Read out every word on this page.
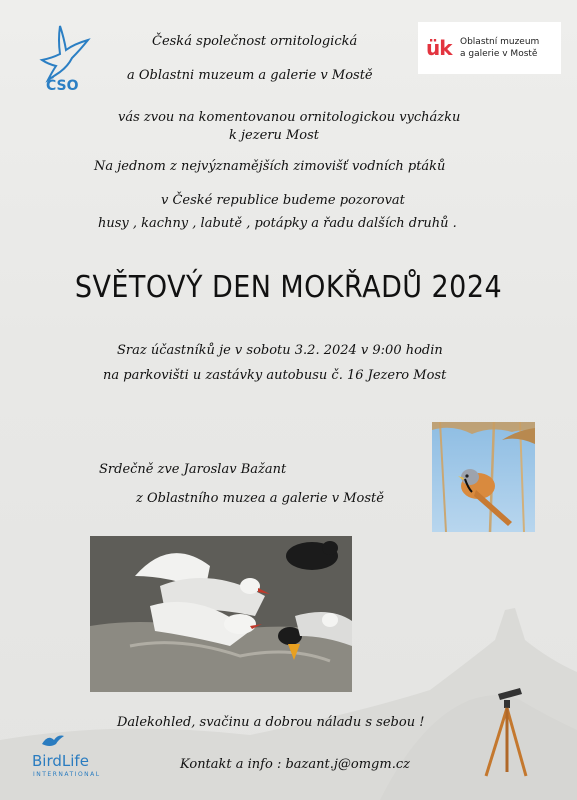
ČSO
ük Oblastní muzeum
a galerie v Mostě
Česká společnost ornitologická
a Oblastni muzeum a galerie v Mostě
vás zvou na komentovanou ornitologickou vycházku
k jezeru Most
Na jednom z nejvýznamějších zimovišť vodních ptáků
v České republice budeme pozorovat
husy , kachny , labutě , potápky a řadu dalších druhů .
SVĚTOVÝ DEN MOKŘADŮ 2024
Sraz účastníků je v sobotu 3.2. 2024 v 9:00 hodin
na parkovišti u zastávky autobusu č. 16 Jezero Most
Srdečně zve Jaroslav Bažant
z Oblastního muzea a galerie v Mostě
Dalekohled, svačinu a dobrou náladu s sebou !
Kontakt a info : bazant.j@omgm.cz
BirdLife
INTERNATIONAL
